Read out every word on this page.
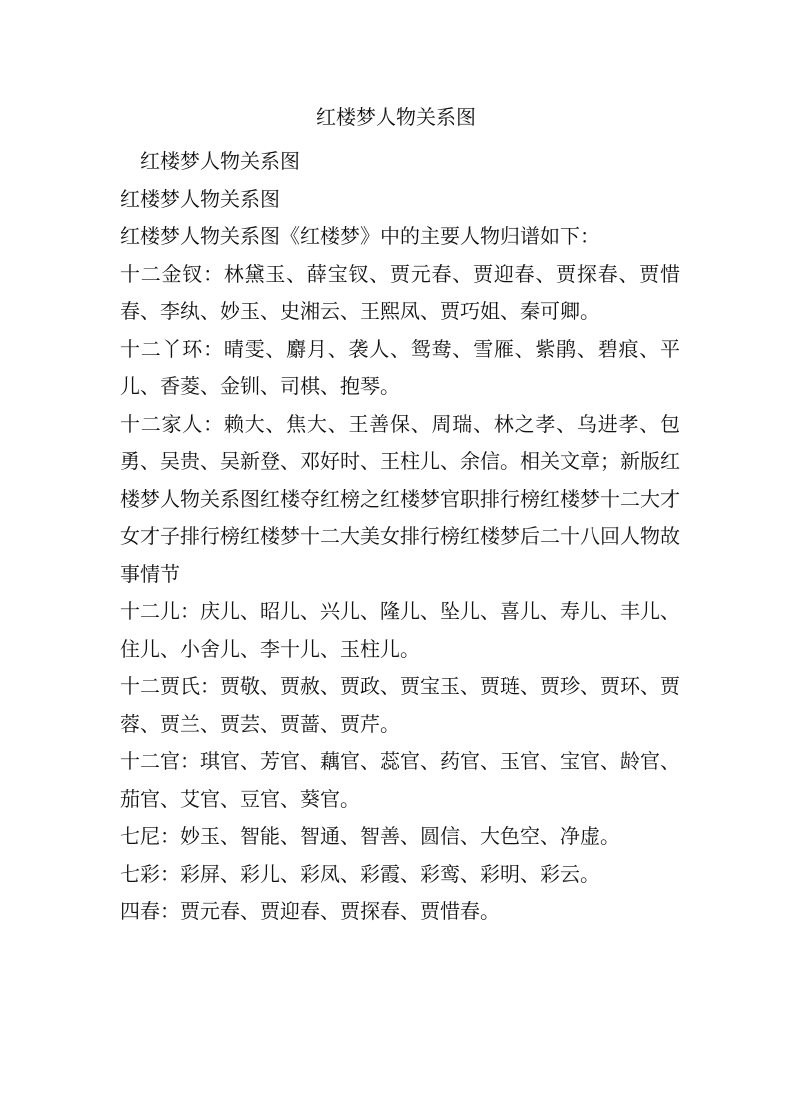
红楼梦人物关系图

红楼梦人物关系图

红楼梦人物关系图

红楼梦人物关系图《红楼梦》中的主要人物归谱如下：

十二金钗：林黛玉、薛宝钗、贾元春、贾迎春、贾探春、贾惜春、李纨、妙玉、史湘云、王熙凤、贾巧姐、秦可卿。

十二丫环：晴雯、麝月、袭人、鸳鸯、雪雁、紫鹃、碧痕、平儿、香菱、金钏、司棋、抱琴。

十二家人：赖大、焦大、王善保、周瑞、林之孝、乌进孝、包勇、吴贵、吴新登、邓好时、王柱儿、余信。相关文章；新版红楼梦人物关系图红楼夺红榜之红楼梦官职排行榜红楼梦十二大才女才子排行榜红楼梦十二大美女排行榜红楼梦后二十八回人物故事情节

十二儿：庆儿、昭儿、兴儿、隆儿、坠儿、喜儿、寿儿、丰儿、住儿、小舍儿、李十儿、玉柱儿。

十二贾氏：贾敬、贾赦、贾政、贾宝玉、贾琏、贾珍、贾环、贾蓉、贾兰、贾芸、贾蔷、贾芹。

十二官：琪官、芳官、藕官、蕊官、药官、玉官、宝官、龄官、茄官、艾官、豆官、葵官。

七尼：妙玉、智能、智通、智善、圆信、大色空、净虚。

七彩：彩屏、彩儿、彩凤、彩霞、彩鸾、彩明、彩云。

四春：贾元春、贾迎春、贾探春、贾惜春。
